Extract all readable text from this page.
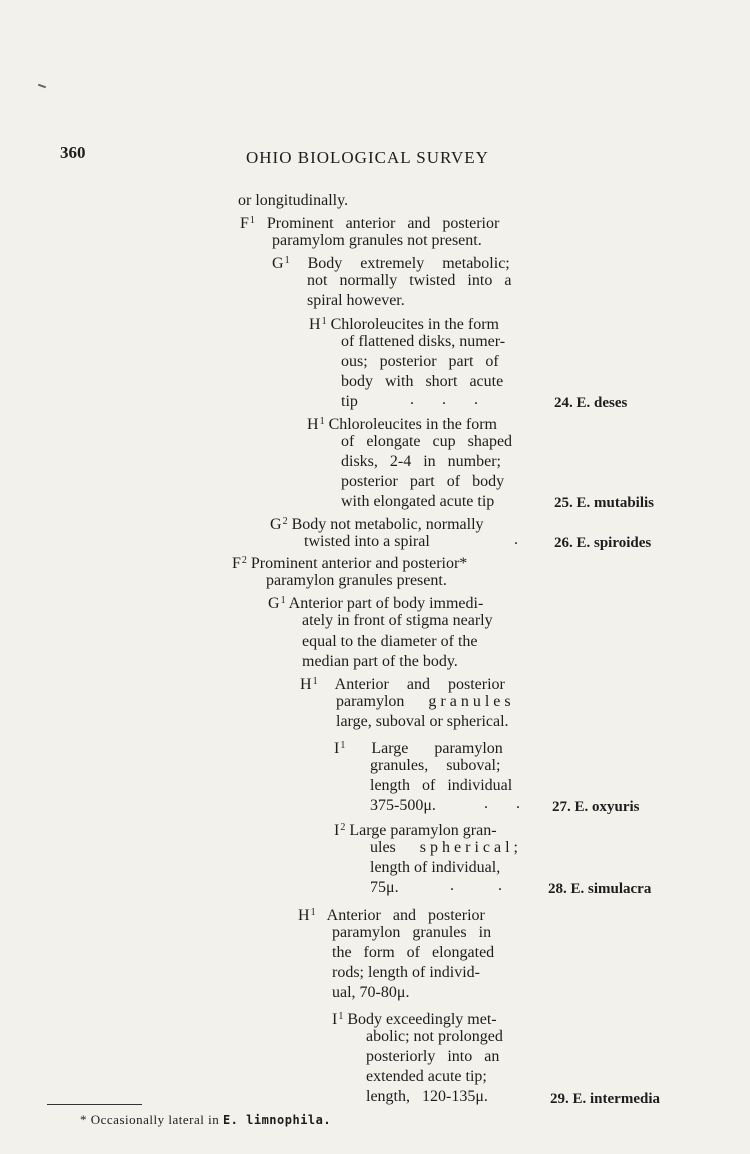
360	OHIO BIOLOGICAL SURVEY
or longitudinally.
$F^1$ Prominent anterior and posterior
paramylom granules not present.
$G^1$ Body extremely metabolic;
not normally twisted into a
spiral however.
$H^1$ Chloroleucites in the form
of flattened disks, numer-
ous; posterior part of
body with short acute
tip	.       .       .	24. E. deses
$H^1$ Chloroleucites in the form
of elongate cup shaped
disks, 2-4 in number;
posterior part of body
with elongated acute tip	25. E. mutabilis
$G^2$ Body not metabolic, normally
twisted into a spiral	. 26. E. spiroides
$F^2$ Prominent anterior and posterior*
paramylon granules present.
$G^1$ Anterior part of body immedi-
ately in front of stigma nearly
equal to the diameter of the
median part of the body.
$H^1$ Anterior and posterior
paramylon granules
large, suboval or spherical.
$I^1$ Large paramylon
granules, suboval;
length of individual
375-500μ.	.       . 27. E. oxyuris
$I^2$ Large paramylon gran-
ules spherical;
length of individual,
75μ.	.           .	28. E. simulacra
$H^1$ Anterior and posterior
paramylon granules in
the form of elongated
rods; length of individ-
ual, 70-80μ.
$I^1$ Body exceedingly met-
abolic; not prolonged
posteriorly into an
extended acute tip;
length, 120-135μ.	29. E. intermedia
* Occasionally lateral in E. limnophila.
